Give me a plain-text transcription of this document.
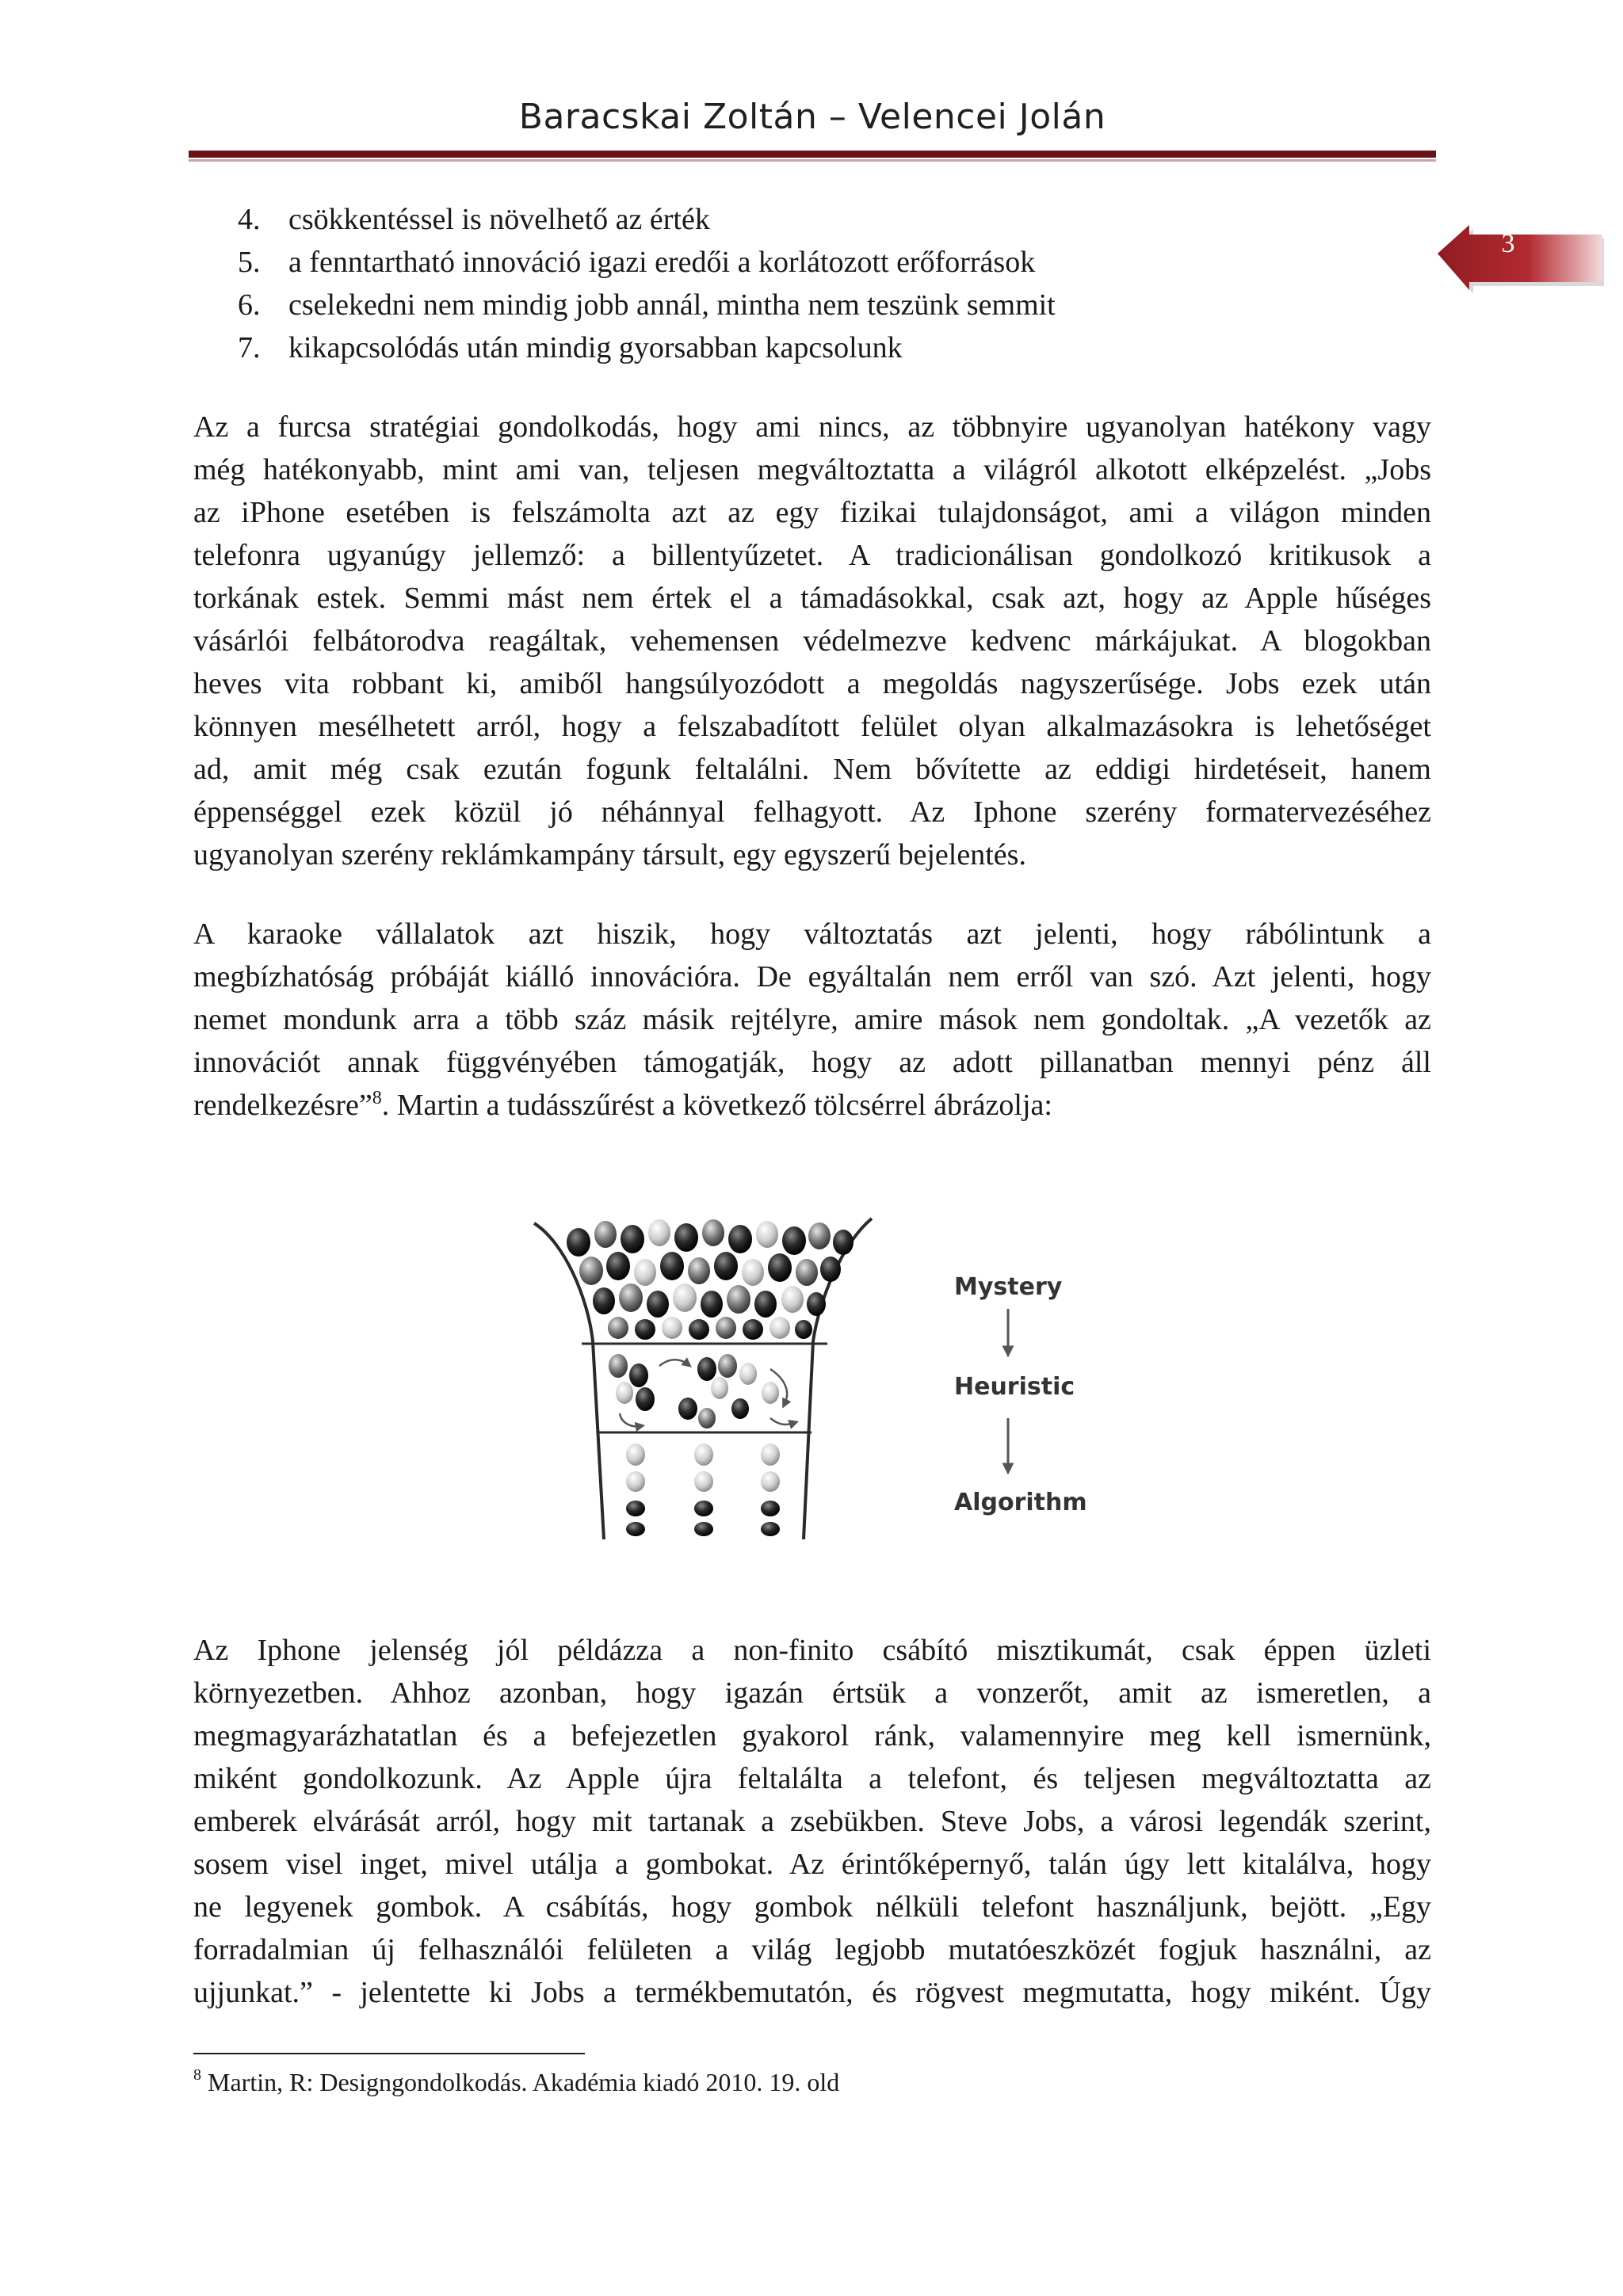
Baracskai Zoltán – Velencei Jolán
3
4. csökkentéssel is növelhető az érték
5. a fenntartható innováció igazi eredői a korlátozott erőforrások
6. cselekedni nem mindig jobb annál, mintha nem teszünk semmit
7. kikapcsolódás után mindig gyorsabban kapcsolunk
Az a furcsa stratégiai gondolkodás, hogy ami nincs, az többnyire ugyanolyan hatékony vagy
még hatékonyabb, mint ami van, teljesen megváltoztatta a világról alkotott elképzelést. „Jobs
az iPhone esetében is felszámolta azt az egy fizikai tulajdonságot, ami a világon minden
telefonra ugyanúgy jellemző: a billentyűzetet. A tradicionálisan gondolkozó kritikusok a
torkának estek. Semmi mást nem értek el a támadásokkal, csak azt, hogy az Apple hűséges
vásárlói felbátorodva reagáltak, vehemensen védelmezve kedvenc márkájukat. A blogokban
heves vita robbant ki, amiből hangsúlyozódott a megoldás nagyszerűsége. Jobs ezek után
könnyen mesélhetett arról, hogy a felszabadított felület olyan alkalmazásokra is lehetőséget
ad, amit még csak ezután fogunk feltalálni. Nem bővítette az eddigi hirdetéseit, hanem
éppenséggel ezek közül jó néhánnyal felhagyott. Az Iphone szerény formatervezéséhez
ugyanolyan szerény reklámkampány társult, egy egyszerű bejelentés.
A karaoke vállalatok azt hiszik, hogy változtatás azt jelenti, hogy rábólintunk a
megbízhatóság próbáját kiálló innovációra. De egyáltalán nem erről van szó. Azt jelenti, hogy
nemet mondunk arra a több száz másik rejtélyre, amire mások nem gondoltak. „A vezetők az
innovációt annak függvényében támogatják, hogy az adott pillanatban mennyi pénz áll
rendelkezésre”$^8$. Martin a tudásszűrést a következő tölcsérrel ábrázolja:
Mystery
Heuristic
Algorithm
Az Iphone jelenség jól példázza a non-finito csábító misztikumát, csak éppen üzleti
környezetben. Ahhoz azonban, hogy igazán értsük a vonzerőt, amit az ismeretlen, a
megmagyarázhatatlan és a befejezetlen gyakorol ránk, valamennyire meg kell ismernünk,
miként gondolkozunk. Az Apple újra feltalálta a telefont, és teljesen megváltoztatta az
emberek elvárását arról, hogy mit tartanak a zsebükben. Steve Jobs, a városi legendák szerint,
sosem visel inget, mivel utálja a gombokat. Az érintőképernyő, talán úgy lett kitalálva, hogy
ne legyenek gombok. A csábítás, hogy gombok nélküli telefont használjunk, bejött. „Egy
forradalmian új felhasználói felületen a világ legjobb mutatóeszközét fogjuk használni, az
ujjunkat.” - jelentette ki Jobs a termékbemutatón, és rögvest megmutatta, hogy miként. Úgy
$^8$ Martin, R: Designgondolkodás. Akadémia kiadó 2010. 19. old
